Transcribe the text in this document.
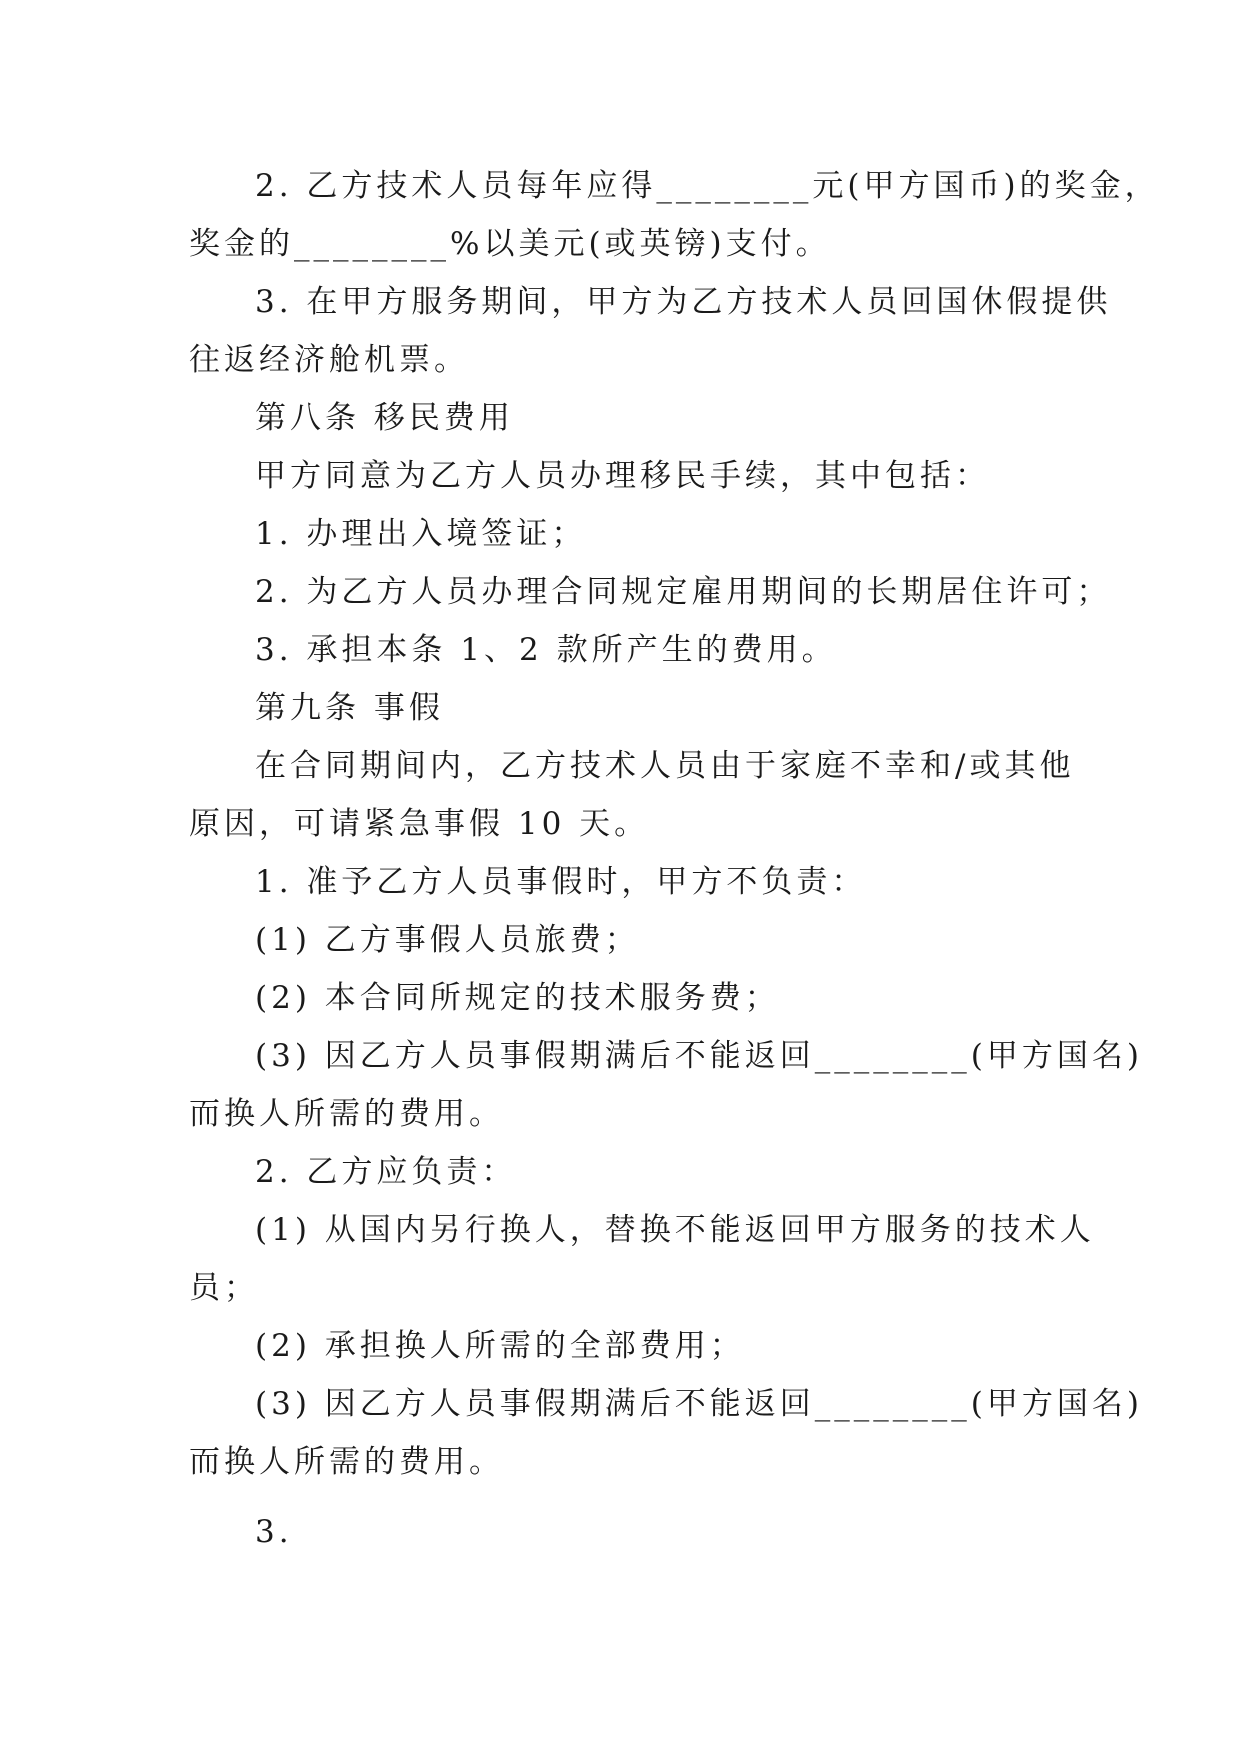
2. 乙方技术人员每年应得________元(甲方国币)的奖金，

奖金的________%以美元(或英镑)支付。

3. 在甲方服务期间，甲方为乙方技术人员回国休假提供

往返经济舱机票。

第八条 移民费用

甲方同意为乙方人员办理移民手续，其中包括：

1. 办理出入境签证；

2. 为乙方人员办理合同规定雇用期间的长期居住许可；

3. 承担本条 1、2 款所产生的费用。

第九条 事假

在合同期间内，乙方技术人员由于家庭不幸和/或其他

原因，可请紧急事假 10 天。

1. 准予乙方人员事假时，甲方不负责：

(1) 乙方事假人员旅费；

(2) 本合同所规定的技术服务费；

(3) 因乙方人员事假期满后不能返回________(甲方国名)

而换人所需的费用。

2. 乙方应负责：

(1) 从国内另行换人，替换不能返回甲方服务的技术人

员；

(2) 承担换人所需的全部费用；

(3) 因乙方人员事假期满后不能返回________(甲方国名)

而换人所需的费用。

3.
